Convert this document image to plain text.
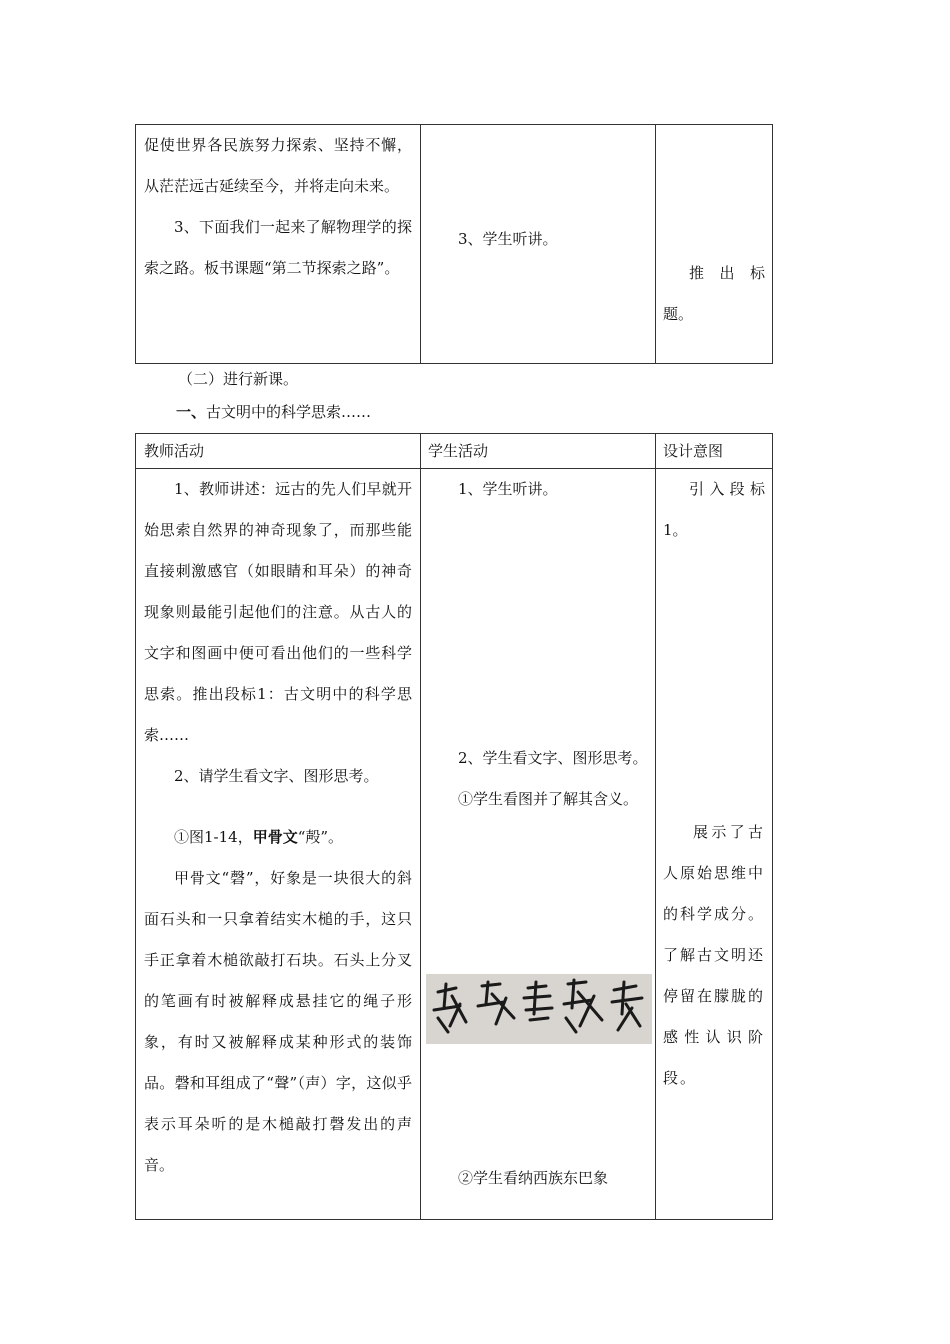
促使世界各民族努力探索、坚持不懈，从茫茫远古延续至今，并将走向未来。

3、下面我们一起来了解物理学的探索之路。板书课题“第二节探索之路”。

3、学生听讲。

推出标

题。

（二）进行新课。
一、古文明中的科学思索……
教师活动	学生活动	设计意图

1、教师讲述：远古的先人们早就开始思索自然界的神奇现象了，而那些能直接刺激感官（如眼睛和耳朵）的神奇现象则最能引起他们的注意。从古人的文字和图画中便可看出他们的一些科学思索。推出段标1：古文明中的科学思索……

2、请学生看文字、图形思考。

①图1-14，甲骨文“殸”。

甲骨文“磬”，好象是一块很大的斜面石头和一只拿着结实木槌的手，这只手正拿着木槌欲敲打石块。石头上分叉的笔画有时被解释成悬挂它的绳子形象，有时又被解释成某种形式的装饰品。磬和耳组成了“聲”（声）字，这似乎表示耳朵听的是木槌敲打磬发出的声音。

1、学生听讲。

2、学生看文字、图形思考。

①学生看图并了解其含义。

②学生看纳西族东巴象

引入段标

1。

展示了古人原始思维中的科学成分。了解古文明还停留在朦胧的感性认识阶段。
